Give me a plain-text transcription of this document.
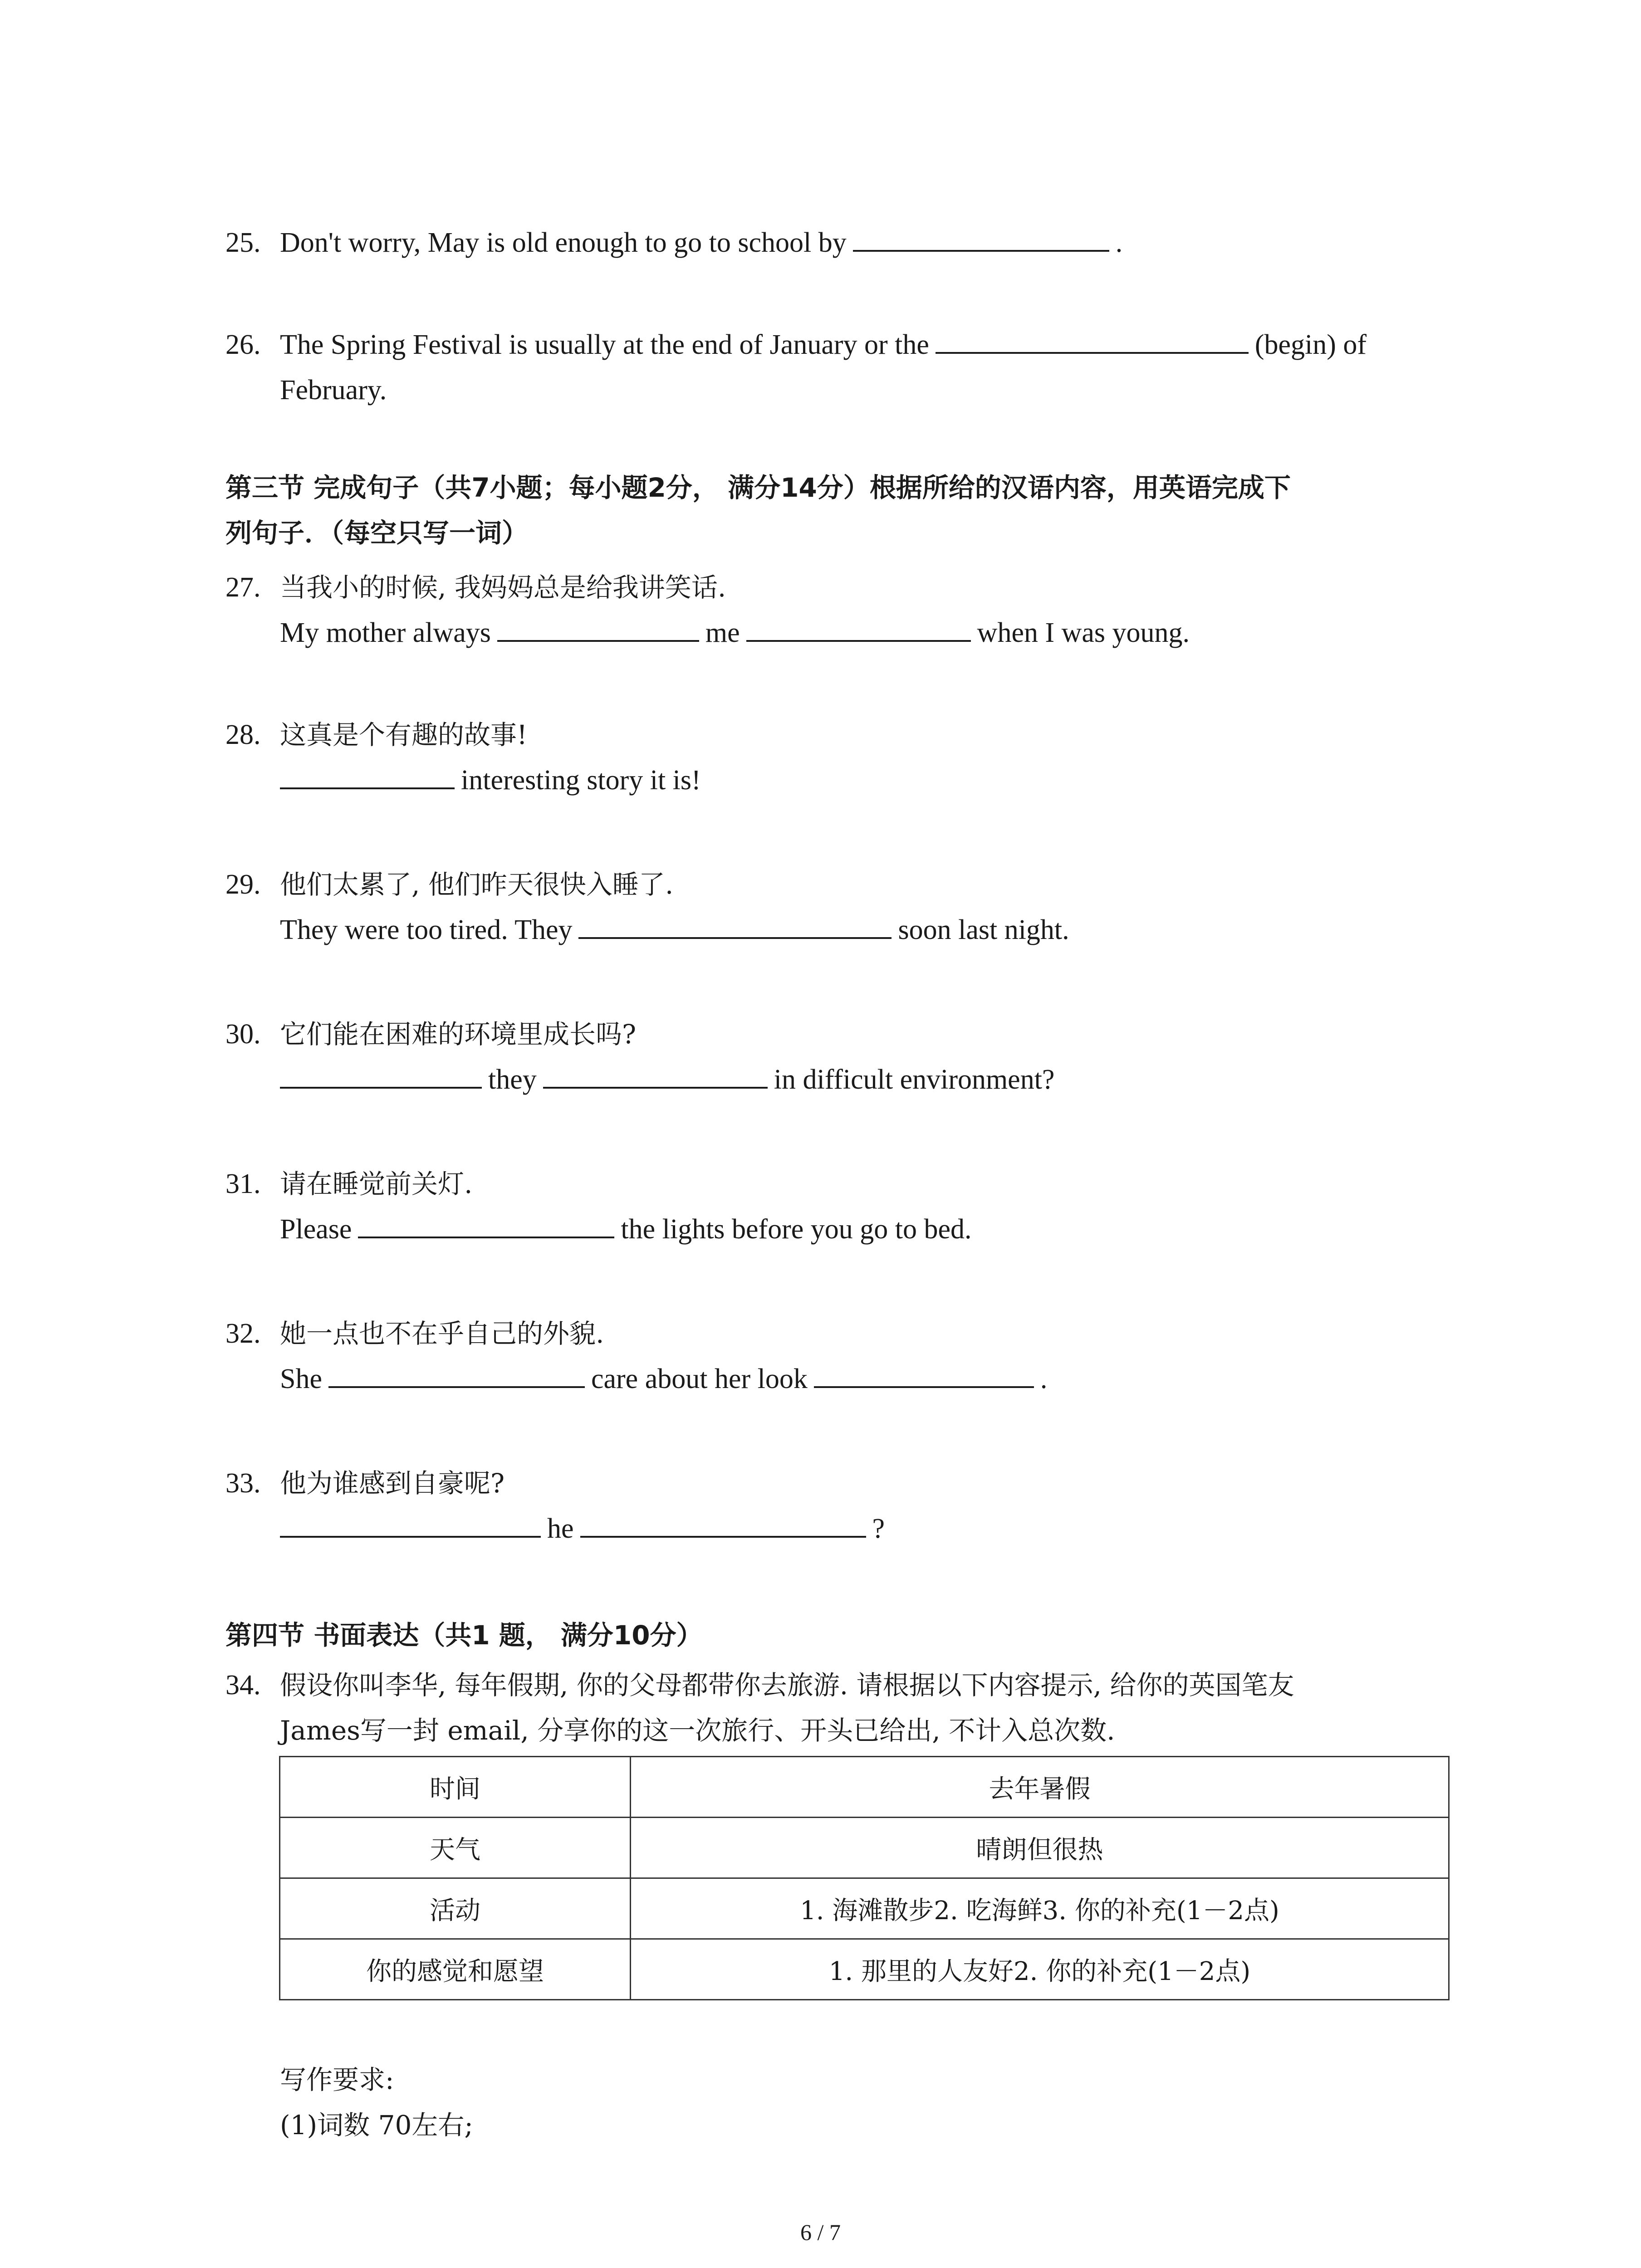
25. Don't worry, May is old enough to go to school by	.
26. The Spring Festival is usually at the end of January or the	(begin) of
February.
第三节 完成句子（共7小题；每小题2分， 满分14分）根据所给的汉语内容，用英语完成下
列句子．（每空只写一词）
27. 当我小的时候, 我妈妈总是给我讲笑话.
My mother always	me	when I was young.
28. 这真是个有趣的故事!
interesting story it is!
29. 他们太累了, 他们昨天很快入睡了.
They were too tired. They	soon last night.
30. 它们能在困难的环境里成长吗?
they	in difficult environment?
31. 请在睡觉前关灯.
Please	the lights before you go to bed.
32. 她一点也不在乎自己的外貌.
She	care about her look	.
33. 他为谁感到自豪呢?
he	?
第四节 书面表达（共1 题， 满分10分）
34. 假设你叫李华, 每年假期, 你的父母都带你去旅游. 请根据以下内容提示, 给你的英国笔友
James写一封 email, 分享你的这一次旅行、开头已给出, 不计入总次数.
时间	去年暑假
天气	晴朗但很热
活动	1. 海滩散步2. 吃海鲜3. 你的补充(1－2点)
你的感觉和愿望	1. 那里的人友好2. 你的补充(1－2点)
写作要求:
(1)词数 70左右;
6 / 7
